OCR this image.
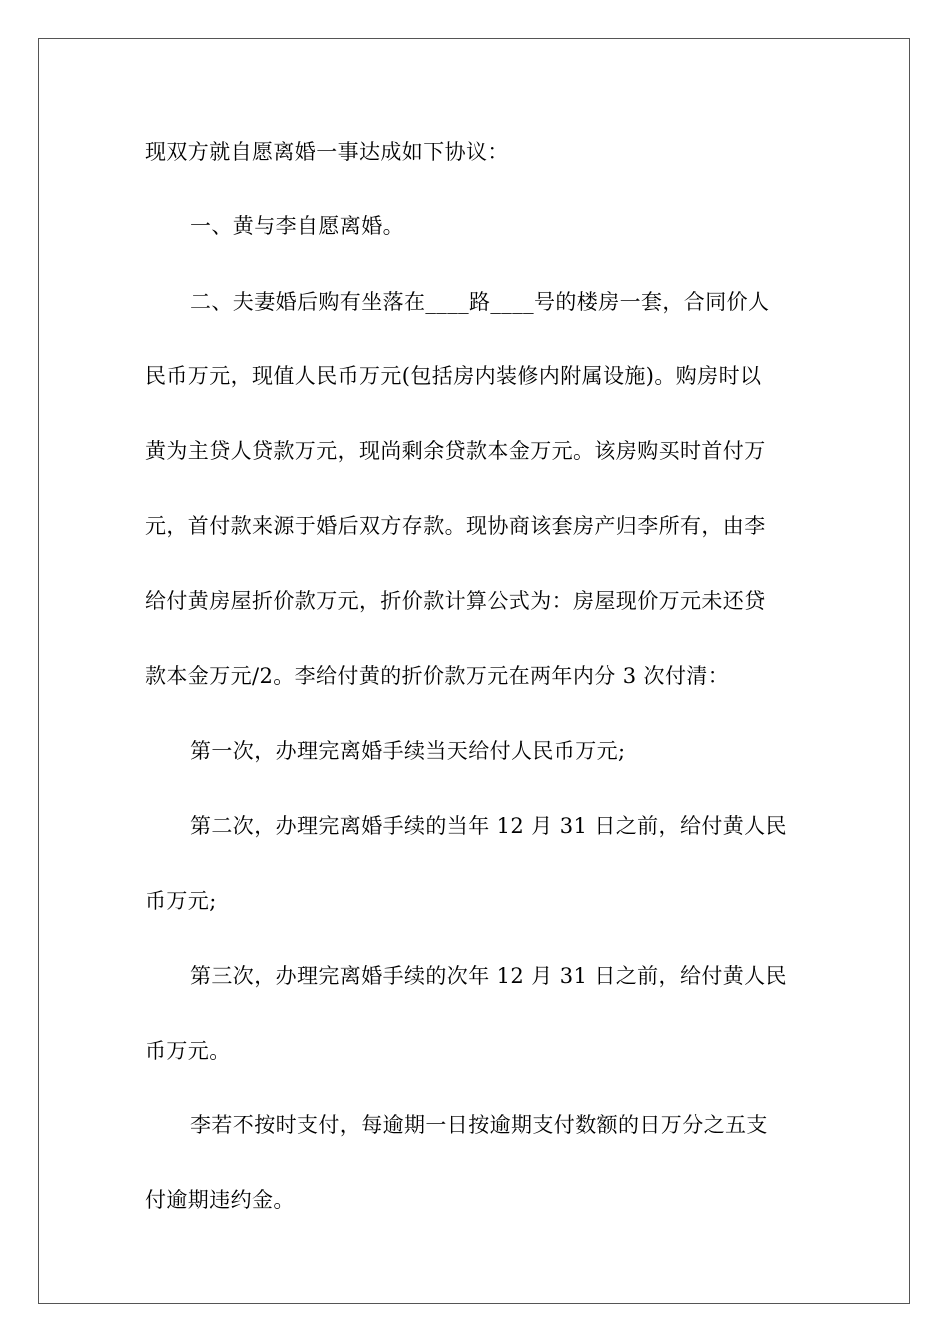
现双方就自愿离婚一事达成如下协议：
一、黄与李自愿离婚。
二、夫妻婚后购有坐落在____路____号的楼房一套，合同价人
民币万元，现值人民币万元(包括房内装修内附属设施)。购房时以
黄为主贷人贷款万元，现尚剩余贷款本金万元。该房购买时首付万
元，首付款来源于婚后双方存款。现协商该套房产归李所有，由李
给付黄房屋折价款万元，折价款计算公式为：房屋现价万元未还贷
款本金万元/2。李给付黄的折价款万元在两年内分 3 次付清：
第一次，办理完离婚手续当天给付人民币万元;
第二次，办理完离婚手续的当年 12 月 31 日之前，给付黄人民
币万元;
第三次，办理完离婚手续的次年 12 月 31 日之前，给付黄人民
币万元。
李若不按时支付，每逾期一日按逾期支付数额的日万分之五支
付逾期违约金。
